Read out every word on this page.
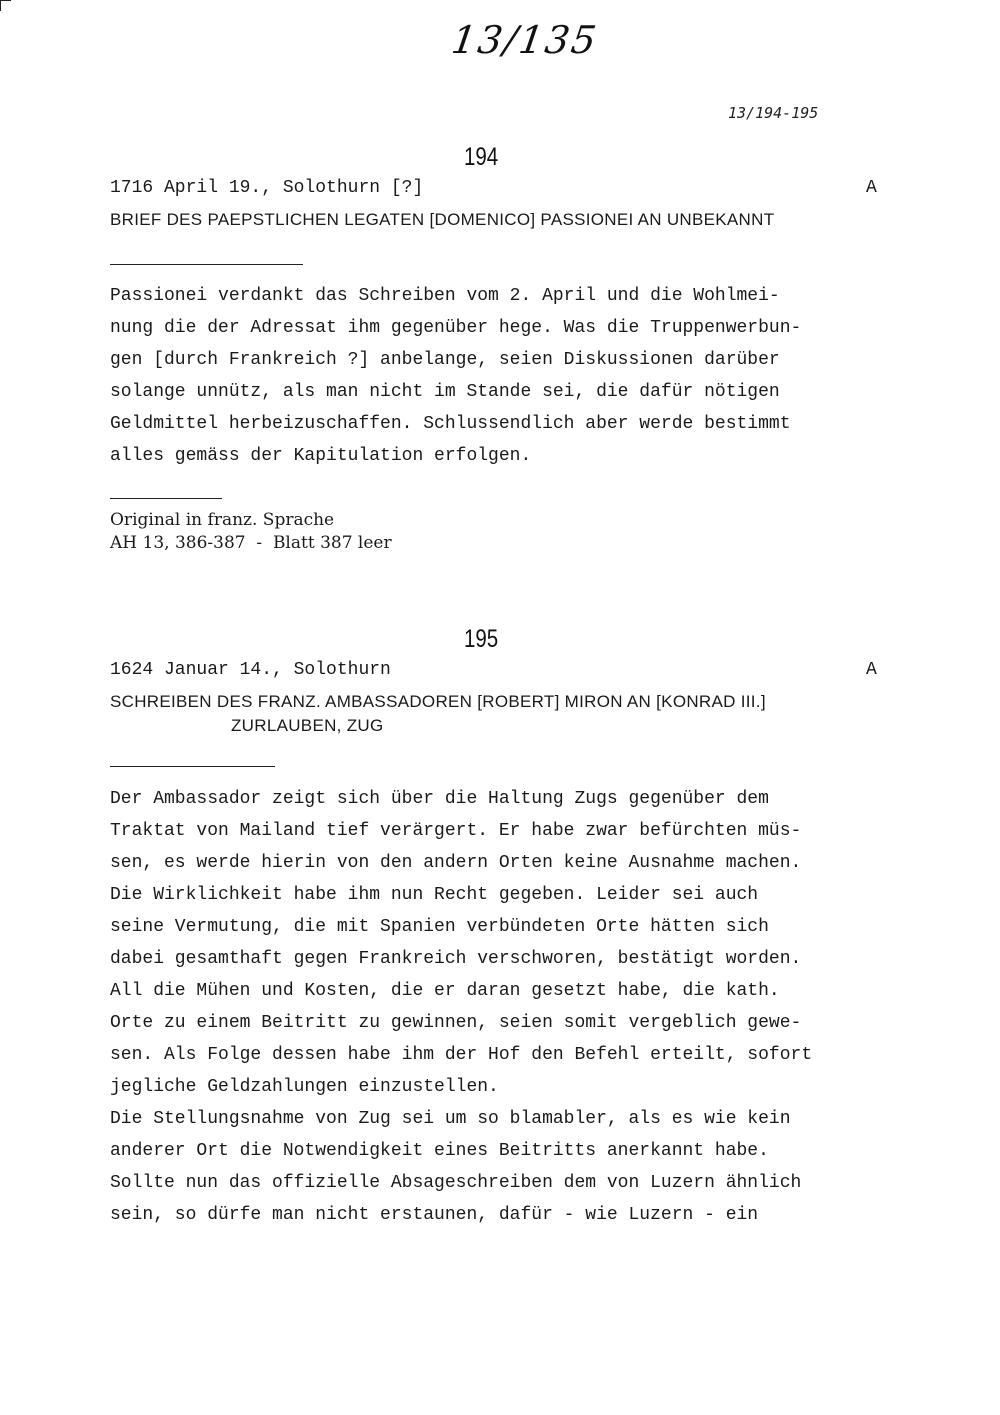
13/135
13/194-195
194
1716 April 19., Solothurn [?]	A
BRIEF DES PAEPSTLICHEN LEGATEN [DOMENICO] PASSIONEI AN UNBEKANNT
Passionei verdankt das Schreiben vom 2. April und die Wohlmei-
nung die der Adressat ihm gegenüber hege. Was die Truppenwerbun-
gen [durch Frankreich ?] anbelange, seien Diskussionen darüber
solange unnütz, als man nicht im Stande sei, die dafür nötigen
Geldmittel herbeizuschaffen. Schlussendlich aber werde bestimmt
alles gemäss der Kapitulation erfolgen.
Original in franz. Sprache
AH 13, 386-387  -  Blatt 387 leer
195
1624 Januar 14., Solothurn	A
SCHREIBEN DES FRANZ. AMBASSADOREN [ROBERT] MIRON AN [KONRAD III.]
ZURLAUBEN, ZUG
Der Ambassador zeigt sich über die Haltung Zugs gegenüber dem
Traktat von Mailand tief verärgert. Er habe zwar befürchten müs-
sen, es werde hierin von den andern Orten keine Ausnahme machen.
Die Wirklichkeit habe ihm nun Recht gegeben. Leider sei auch
seine Vermutung, die mit Spanien verbündeten Orte hätten sich
dabei gesamthaft gegen Frankreich verschworen, bestätigt worden.
All die Mühen und Kosten, die er daran gesetzt habe, die kath.
Orte zu einem Beitritt zu gewinnen, seien somit vergeblich gewe-
sen. Als Folge dessen habe ihm der Hof den Befehl erteilt, sofort
jegliche Geldzahlungen einzustellen.
Die Stellungsnahme von Zug sei um so blamabler, als es wie kein
anderer Ort die Notwendigkeit eines Beitritts anerkannt habe.
Sollte nun das offizielle Absageschreiben dem von Luzern ähnlich
sein, so dürfe man nicht erstaunen, dafür - wie Luzern - ein
